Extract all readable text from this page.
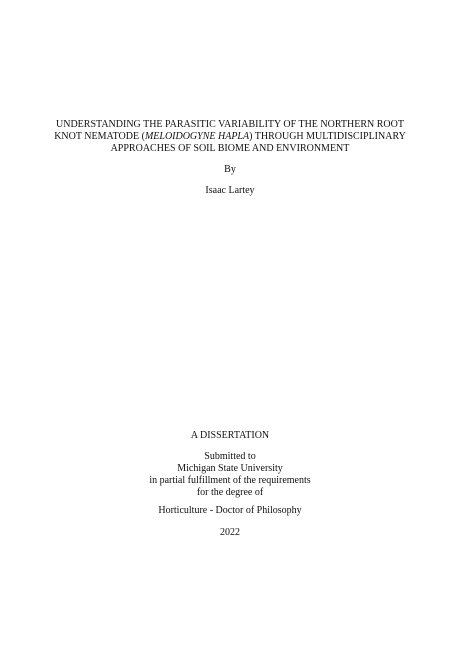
UNDERSTANDING THE PARASITIC VARIABILITY OF THE NORTHERN ROOT
KNOT NEMATODE (MELOIDOGYNE HAPLA) THROUGH MULTIDISCIPLINARY
APPROACHES OF SOIL BIOME AND ENVIRONMENT
By
Isaac Lartey
A DISSERTATION
Submitted to
Michigan State University
in partial fulfillment of the requirements
for the degree of
Horticulture - Doctor of Philosophy
2022
